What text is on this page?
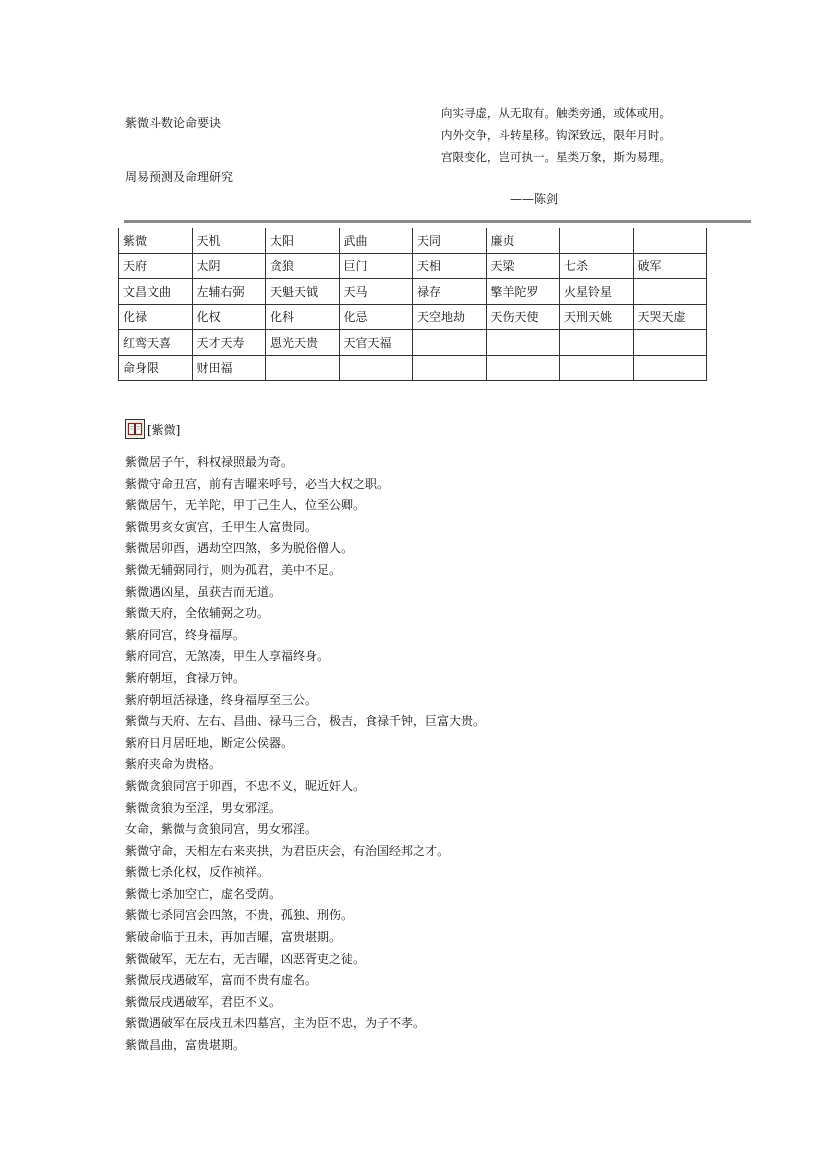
紫微斗数论命要诀
周易预测及命理研究
向实寻虚，从无取有。触类旁通，或体或用。
内外交争，斗转星移。钩深致远，限年月时。
宫限变化，岂可执一。星类万象，斯为易理。
——陈剑
紫微	天机	太阳	武曲	天同	廉贞		
天府	太阴	贪狼	巨门	天相	天梁	七杀	破军
文昌文曲	左辅右弼	天魁天钺	天马	禄存	擎羊陀罗	火星铃星	
化禄	化权	化科	化忌	天空地劫	天伤天使	天刑天姚	天哭天虚
红鸾天喜	天才天寿	恩光天贵	天官天福				
命身限	财田福						
[紫微]
紫微居子午，科权禄照最为奇。
紫微守命丑宫，前有吉曜来呼号，必当大权之职。
紫微居午，无羊陀，甲丁己生人，位至公卿。
紫微男亥女寅宫，壬甲生人富贵同。
紫微居卯酉，遇劫空四煞，多为脱俗僧人。
紫微无辅弼同行，则为孤君，美中不足。
紫微遇凶星，虽获吉而无道。
紫微天府，全依辅弼之功。
紫府同宫，终身福厚。
紫府同宫，无煞凑，甲生人享福终身。
紫府朝垣，食禄万钟。
紫府朝垣活禄逢，终身福厚至三公。
紫微与天府、左右、昌曲、禄马三合，极吉，食禄千钟，巨富大贵。
紫府日月居旺地，断定公侯器。
紫府夹命为贵格。
紫微贪狼同宫于卯酉，不忠不义，昵近奸人。
紫微贪狼为至淫，男女邪淫。
女命，紫微与贪狼同宫，男女邪淫。
紫微守命，天相左右来夹拱，为君臣庆会，有治国经邦之才。
紫微七杀化权，反作祯祥。
紫微七杀加空亡，虚名受荫。
紫微七杀同宫会四煞，不贵，孤独、刑伤。
紫破命临于丑未，再加吉曜，富贵堪期。
紫微破军，无左右，无吉曜，凶恶胥吏之徒。
紫微辰戌遇破军，富而不贵有虚名。
紫微辰戌遇破军，君臣不义。
紫微遇破军在辰戌丑未四墓宫，主为臣不忠，为子不孝。
紫微昌曲，富贵堪期。
